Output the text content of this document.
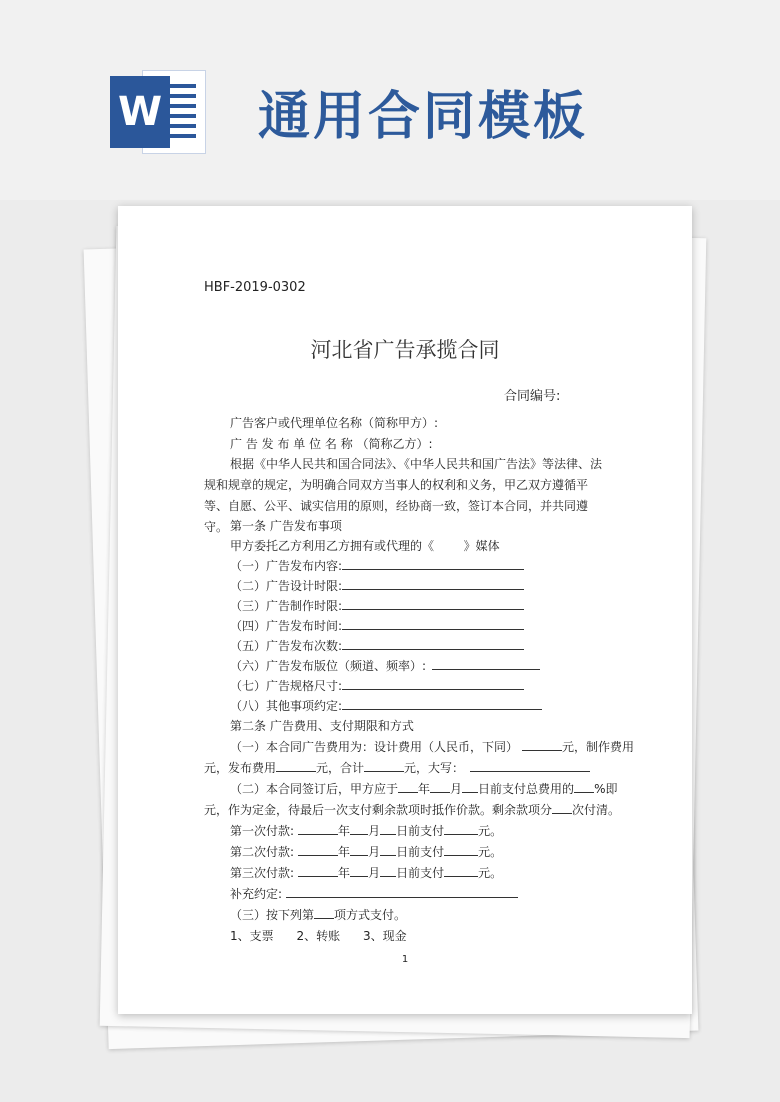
W 通用合同模板
HBF-2019-0302
河北省广告承揽合同
合同编号:
广告客户或代理单位名称（简称甲方）:
广 告 发 布 单 位 名 称 （简称乙方）:
根据《中华人民共和国合同法》、《中华人民共和国广告法》等法律、法规和规章的规定，为明确合同双方当事人的权利和义务，甲乙双方遵循平等、自愿、公平、诚实信用的原则，经协商一致，签订本合同，并共同遵守。 第一条 广告发布事项
甲方委托乙方利用乙方拥有或代理的《 》媒体
（一）广告发布内容:
（二）广告设计时限:
（三）广告制作时限:
（四）广告发布时间:
（五）广告发布次数:
（六）广告发布版位（频道、频率）:
（七）广告规格尺寸:
（八）其他事项约定:
第二条 广告费用、支付期限和方式
（一）本合同广告费用为：设计费用（人民币，下同）	元，制作费用
元，发布费用	元，合计	元，大写：
（二）本合同签订后，甲方应于 年 月 日前支付总费用的 %即
元，作为定金，待最后一次支付剩余款项时抵作价款。剩余款项分 次付清。
第一次付款:	年 月 日前支付	元。
第二次付款:	年 月 日前支付	元。
第三次付款:	年 月 日前支付	元。
补充约定:
（三）按下列第 项方式支付。
1、支票      2、转账      3、现金
1
